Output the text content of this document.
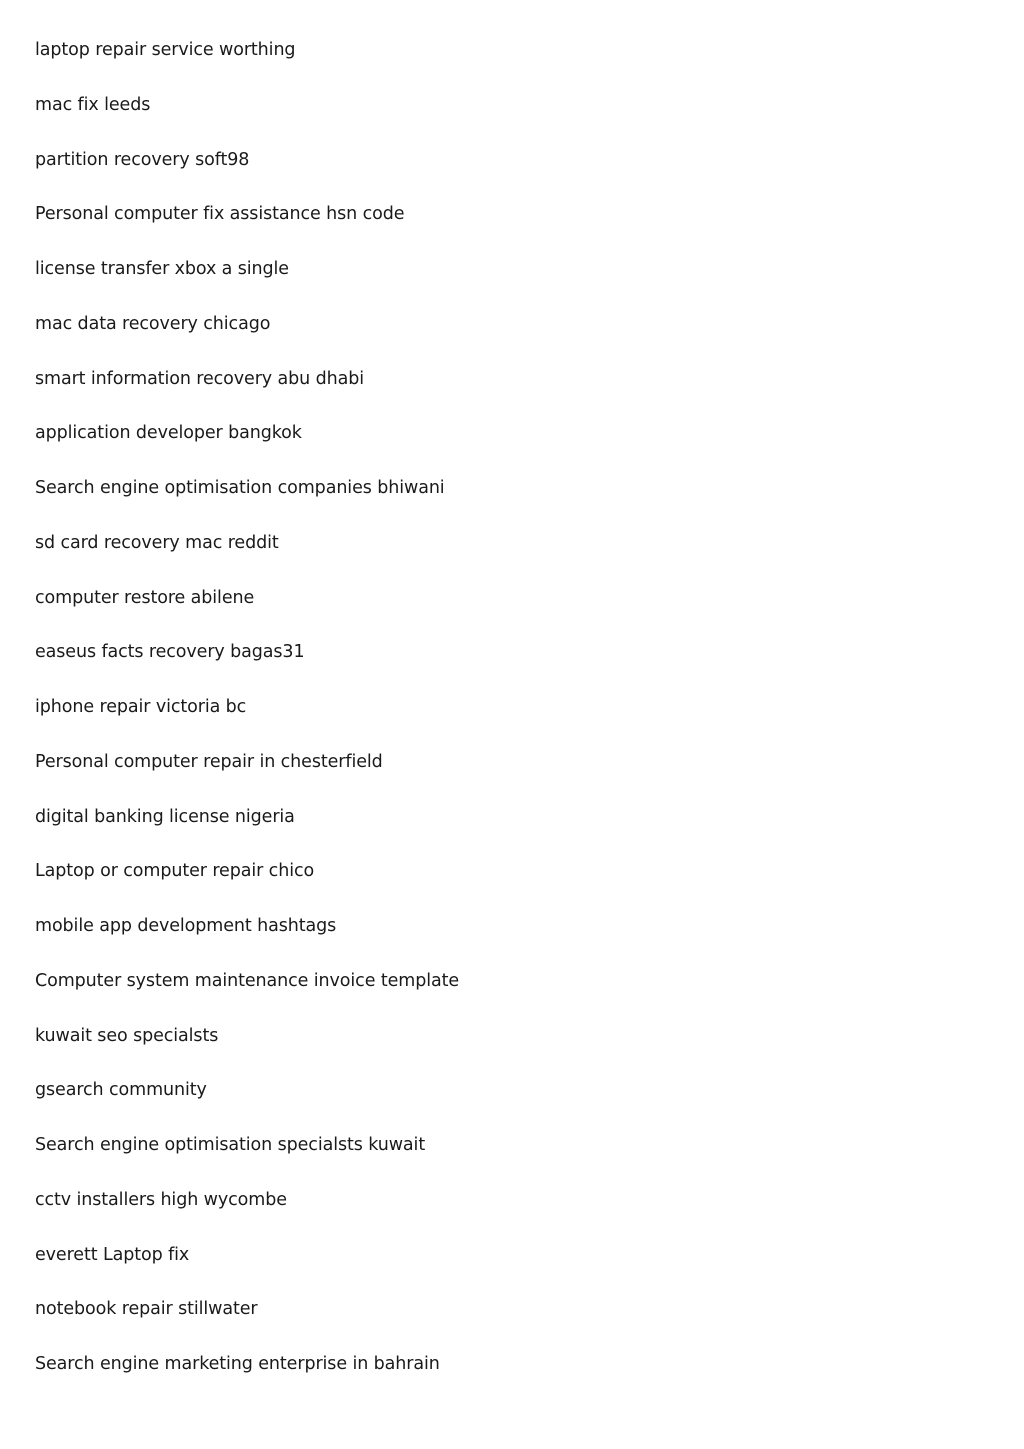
laptop repair service worthing
mac fix leeds
partition recovery soft98
Personal computer fix assistance hsn code
license transfer xbox a single
mac data recovery chicago
smart information recovery abu dhabi
application developer bangkok
Search engine optimisation companies bhiwani
sd card recovery mac reddit
computer restore abilene
easeus facts recovery bagas31
iphone repair victoria bc
Personal computer repair in chesterfield
digital banking license nigeria
Laptop or computer repair chico
mobile app development hashtags
Computer system maintenance invoice template
kuwait seo specialsts
gsearch community
Search engine optimisation specialsts kuwait
cctv installers high wycombe
everett Laptop fix
notebook repair stillwater
Search engine marketing enterprise in bahrain
